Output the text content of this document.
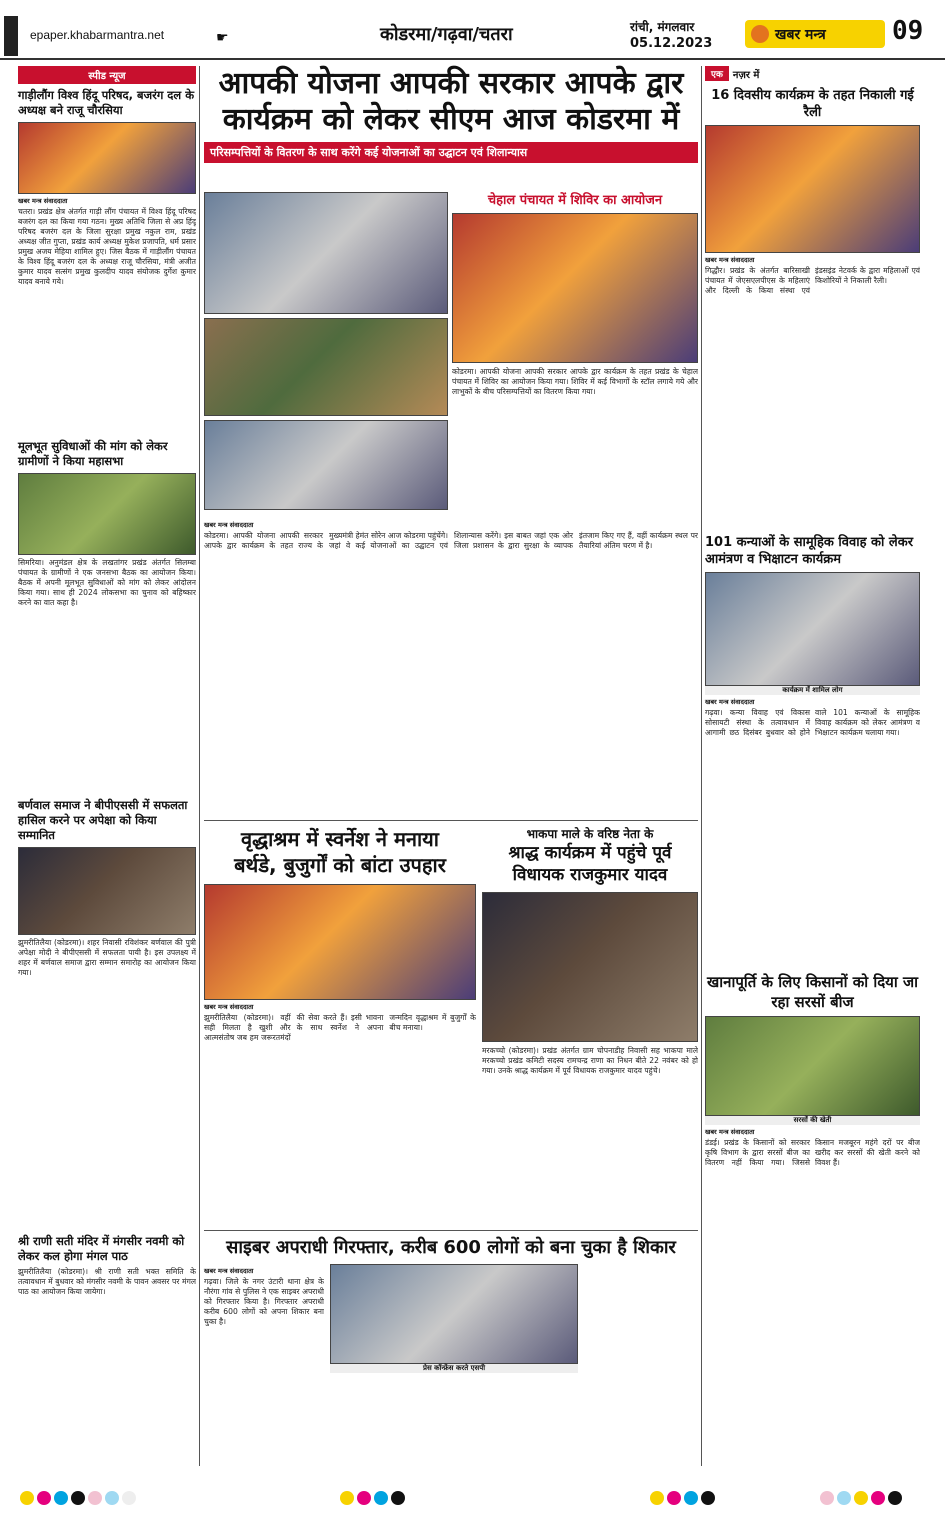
epaper.khabarmantra.net	☛	कोडरमा/गढ़वा/चतरा	रांची, मंगलवार
05.12.2023
खबर मन्त्र	09
स्पीड न्यूज
गाड़ीलौंग विश्व हिंदू परिषद, बजरंग दल के अध्यक्ष बने राजू चौरसिया
खबर मन्त्र संवाददाता
चतरा। प्रखंड क्षेत्र अंतर्गत गाड़ी लौंग पंचायत में विश्व हिंदू परिषद बजरंग दल का किया गया गठन। मुख्य अतिथि जिला से अप्र हिंदू परिषद बजरंग दल के जिला सुरक्षा प्रमुख नकुल राम, प्रखंड अध्यक्ष जीत गुप्ता, प्रखंड कार्य अध्यक्ष मुकेश प्रजापति, धर्म प्रसार प्रमुख अजय मेहिया शामिल हुए। जिस बैठक में गाड़ीलौंग पंचायत के विश्व हिंदू बजरंग दल के अध्यक्ष राजू चौरसिया, मंत्री अजीत कुमार यादव सत्संग प्रमुख कुलदीप यादव संयोजक दुर्गेश कुमार यादव बनाये गये।
मूलभूत सुविधाओं की मांग को लेकर ग्रामीणों ने किया महासभा
सिमरिया। अनुमंडल क्षेत्र के लखतांगर प्रखंड अंतर्गत सिलम्बा पंचायत के ग्रामीणों ने एक जनसभा बैठक का आयोजन किया। बैठक में अपनी मूलभूत सुविधाओं को मांग को लेकर आंदोलन किया गया। साथ ही 2024 लोकसभा का चुनाव को बहिष्कार करने का वात कहा है।
बर्णवाल समाज ने बीपीएससी में सफलता हासिल करने पर अपेक्षा को किया सम्मानित
झुमरीतिलैया (कोडरमा)। शहर निवासी रविशंकर बर्णवाल की पुत्री अपेक्षा मोदी ने बीपीएससी में सफलता पायी है। इस उपलक्ष्य में शहर में बर्णवाल समाज द्वारा सम्मान समारोह का आयोजन किया गया।
श्री राणी सती मंदिर में मंगसीर नवमी को लेकर कल होगा मंगल पाठ
झुमरीतिलैया (कोडरमा)। श्री राणी सती भक्त समिति के तत्वावधान में बुधवार को मंगसीर नवमी के पावन अवसर पर मंगल पाठ का आयोजन किया जायेगा।
आपकी योजना आपकी सरकार आपके द्वार
कार्यक्रम को लेकर सीएम आज कोडरमा में
परिसम्पत्तियों के वितरण के साथ करेंगे कई योजनाओं का उद्घाटन एवं शिलान्यास
चेहाल पंचायत में शिविर का आयोजन
कोडरमा। आपकी योजना आपकी सरकार आपके द्वार कार्यक्रम के तहत प्रखंड के चेहाल पंचायत में शिविर का आयोजन किया गया। शिविर में कई विभागों के स्टॉल लगाये गये और लाभुकों के बीच परिसम्पत्तियों का वितरण किया गया।
खबर मन्त्र संवाददाता
कोडरमा। आपकी योजना आपकी सरकार आपके द्वार कार्यक्रम के तहत राज्य के मुख्यमंत्री हेमंत सोरेन आज कोडरमा पहुंचेंगे। जहां वे कई योजनाओं का उद्घाटन एवं शिलान्यास करेंगे। इस बाबत जहां एक ओर जिला प्रशासन के द्वारा सुरक्षा के व्यापक इंतजाम किए गए हैं, वहीं कार्यक्रम स्थल पर तैयारियां अंतिम चरण में है।
वृद्धाश्रम में स्वर्नेश ने मनाया
बर्थडे, बुजुर्गों को बांटा उपहार
खबर मन्त्र संवाददाता
झुमरीतिलैया (कोडरमा)। वहीं सही मिलता है खुशी और आत्मसंतोष जब हम जरूरतमंदों की सेवा करते हैं। इसी भावना के साथ स्वर्नेश ने अपना जन्मदिन वृद्धाश्रम में बुजुर्गों के बीच मनाया।
भाकपा माले के वरिष्ठ नेता के
श्राद्ध कार्यक्रम में पहुंचे पूर्व
विधायक राजकुमार यादव
मरकच्चो (कोडरमा)। प्रखंड अंतर्गत ग्राम चोपनाडीह निवासी सह भाकपा माले मरकच्चो प्रखंड कमिटी सदस्य रामचन्द्र राणा का निधन बीते 22 नवंबर को हो गया। उनके श्राद्ध कार्यक्रम में पूर्व विधायक राजकुमार यादव पहुंचे।
साइबर अपराधी गिरफ्तार, करीब 600 लोगों को बना चुका है शिकार
खबर मन्त्र संवाददाता
गढ़वा। जिले के नगर उंटारी थाना क्षेत्र के नौरंगा गांव से पुलिस ने एक साइबर अपराधी को गिरफ्तार किया है। गिरफ्तार अपराधी करीब 600 लोगों को अपना शिकार बना चुका है।
प्रेस कॉन्फ्रेंस करते एसपी
एक	नज़र में
16 दिवसीय कार्यक्रम के तहत निकाली गई रैली
खबर मन्त्र संवाददाता
गिद्धौर। प्रखंड के अंतर्गत बारिसाखी पंचायत में जेएसएलपीएस के महिलाएं और दिल्ली के किया संस्था एवं इंडसइंड नेटवर्क के द्वारा महिलाओं एवं किशोरियों ने निकाली रैली।
101 कन्याओं के सामूहिक विवाह को लेकर आमंत्रण व भिक्षाटन कार्यक्रम
कार्यक्रम में शामिल लोग
खबर मन्त्र संवाददाता
गढ़वा। कन्या विवाह एवं विकास सोसायटी संस्था के तत्वावधान में आगामी छठ दिसंबर बुधवार को होने वाले 101 कन्याओं के सामूहिक विवाह कार्यक्रम को लेकर आमंत्रण व भिक्षाटन कार्यक्रम चलाया गया।
खानापूर्ति के लिए किसानों को दिया जा रहा सरसों बीज
सरसों की खेती
खबर मन्त्र संवाददाता
डंडई। प्रखंड के किसानों को सरकार कृषि विभाग के द्वारा सरसों बीज का वितरण नहीं किया गया। जिससे किसान मजबूरन महंगे दरों पर बीज खरीद कर सरसों की खेती करने को विवश हैं।
